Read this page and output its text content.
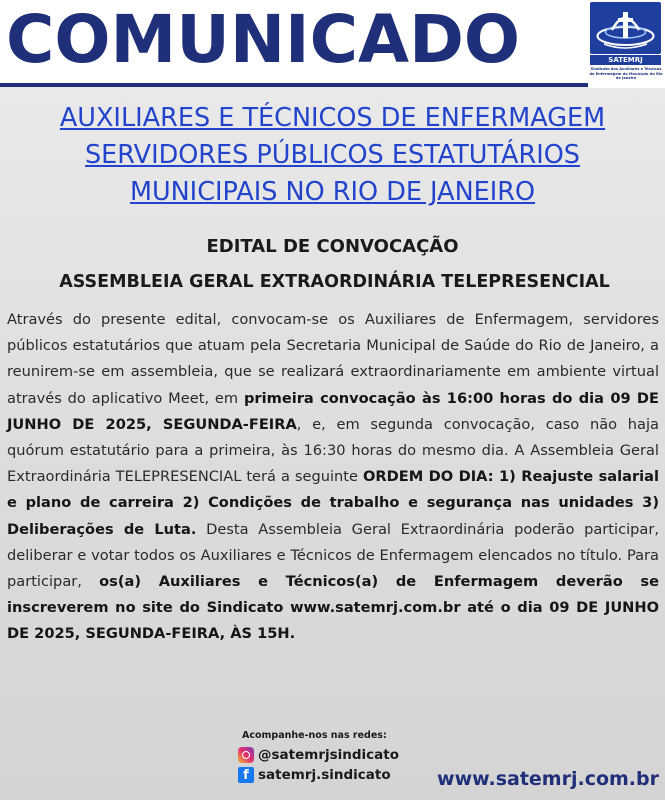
COMUNICADO	SATEMRJ
Sindicato dos Auxiliares e Técnicos de Enfermagem do Município do Rio de Janeiro
AUXILIARES E TÉCNICOS DE ENFERMAGEM
SERVIDORES PÚBLICOS ESTATUTÁRIOS
MUNICIPAIS NO RIO DE JANEIRO
EDITAL DE CONVOCAÇÃO
ASSEMBLEIA GERAL EXTRAORDINÁRIA TELEPRESENCIAL
Através do presente edital, convocam-se os Auxiliares de Enfermagem, servidores públicos estatutários que atuam pela Secretaria Municipal de Saúde do Rio de Janeiro, a reunirem-se em assembleia, que se realizará extraordinariamente em ambiente virtual através do aplicativo Meet, em primeira convocação às 16:00 horas do dia 09 DE JUNHO DE 2025, SEGUNDA-FEIRA, e, em segunda convocação, caso não haja quórum estatutário para a primeira, às 16:30 horas do mesmo dia. A Assembleia Geral Extraordinária TELEPRESENCIAL terá a seguinte ORDEM DO DIA: 1) Reajuste salarial e plano de carreira 2) Condições de trabalho e segurança nas unidades 3) Deliberações de Luta. Desta Assembleia Geral Extraordinária poderão participar, deliberar e votar todos os Auxiliares e Técnicos de Enfermagem elencados no título. Para participar, os(a) Auxiliares e Técnicos(a) de Enfermagem deverão se inscreverem no site do Sindicato www.satemrj.com.br até o dia 09 DE JUNHO DE 2025, SEGUNDA-FEIRA, ÀS 15H.
Acompanhe-nos nas redes:
@satemrjsindicato
f satemrj.sindicato www.satemrj.com.br
